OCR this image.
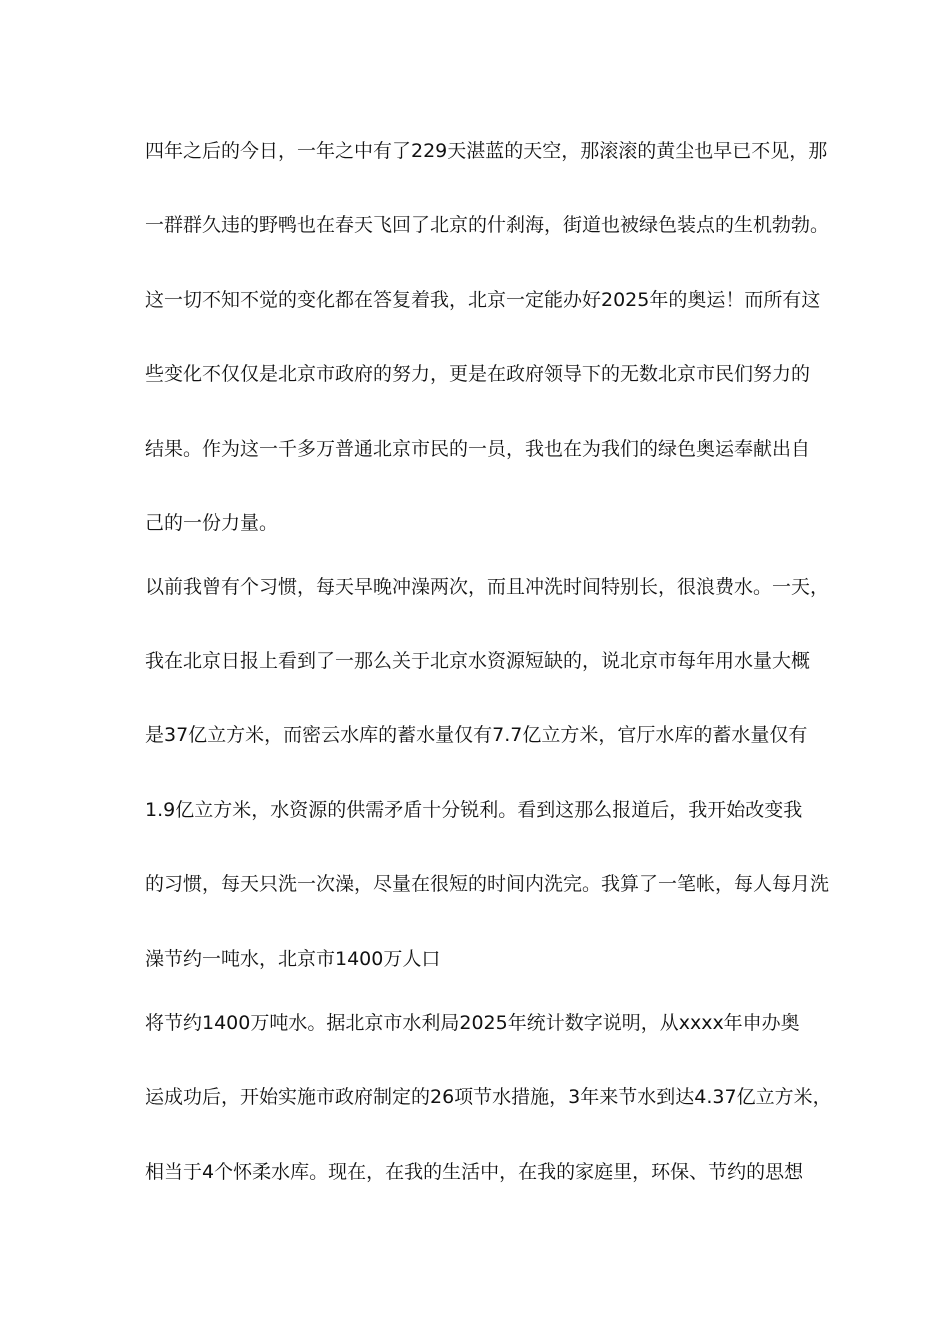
四年之后的今日，一年之中有了229天湛蓝的天空，那滚滚的黄尘也早已不见，那
一群群久违的野鸭也在春天飞回了北京的什刹海，街道也被绿色装点的生机勃勃。
这一切不知不觉的变化都在答复着我，北京一定能办好2025年的奥运！而所有这
些变化不仅仅是北京市政府的努力，更是在政府领导下的无数北京市民们努力的
结果。作为这一千多万普通北京市民的一员，我也在为我们的绿色奥运奉献出自
己的一份力量。
以前我曾有个习惯，每天早晚冲澡两次，而且冲洗时间特别长，很浪费水。一天，
我在北京日报上看到了一那么关于北京水资源短缺的，说北京市每年用水量大概
是37亿立方米，而密云水库的蓄水量仅有7.7亿立方米，官厅水库的蓄水量仅有
1.9亿立方米，水资源的供需矛盾十分锐利。看到这那么报道后，我开始改变我
的习惯，每天只洗一次澡，尽量在很短的时间内洗完。我算了一笔帐，每人每月洗
澡节约一吨水，北京市1400万人口
将节约1400万吨水。据北京市水利局2025年统计数字说明，从xxxx年申办奥
运成功后，开始实施市政府制定的26项节水措施，3年来节水到达4.37亿立方米，
相当于4个怀柔水库。现在，在我的生活中，在我的家庭里，环保、节约的思想
